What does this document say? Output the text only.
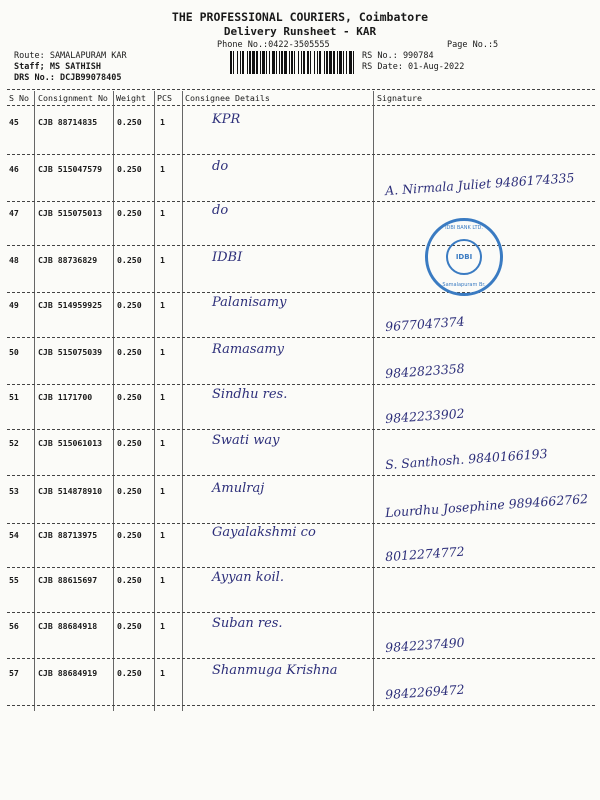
THE PROFESSIONAL COURIERS, Coimbatore
Delivery Runsheet - KAR
Phone No.:0422-3505555	Page No.:5
Route: SAMALAPURAM KAR
Staff; MS SATHISH
DRS No.: DCJB99078405
RS No.: 990784
RS Date: 01-Aug-2022
S No Consignment No Weight PCS Consignee Details	Signature
45 CJB 88714835 0.250 1	KPR
46 CJB 515047579 0.250 1	do
A. Nirmala Juliet 9486174335
47 CJB 515075013 0.250 1	do
48 CJB 88736829 0.250 1	IDBI
49 CJB 514959925 0.250 1	Palanisamy
9677047374
50 CJB 515075039 0.250 1	Ramasamy
9842823358
51 CJB 1171700	0.250 1	Sindhu res.
9842233902
52 CJB 515061013 0.250 1	Swati way
S. Santhosh. 9840166193
53 CJB 514878910 0.250 1	Amulraj
Lourdhu Josephine 9894662762
54 CJB 88713975 0.250 1	Gayalakshmi co
8012274772
55 CJB 88615697 0.250 1	Ayyan koil.
56 CJB 88684918 0.250 1	Suban res.
9842237490
57 CJB 88684919 0.250 1	Shanmuga Krishna
9842269472
IDBI BANK LTD.
IDBI
Samalapuram Br.
